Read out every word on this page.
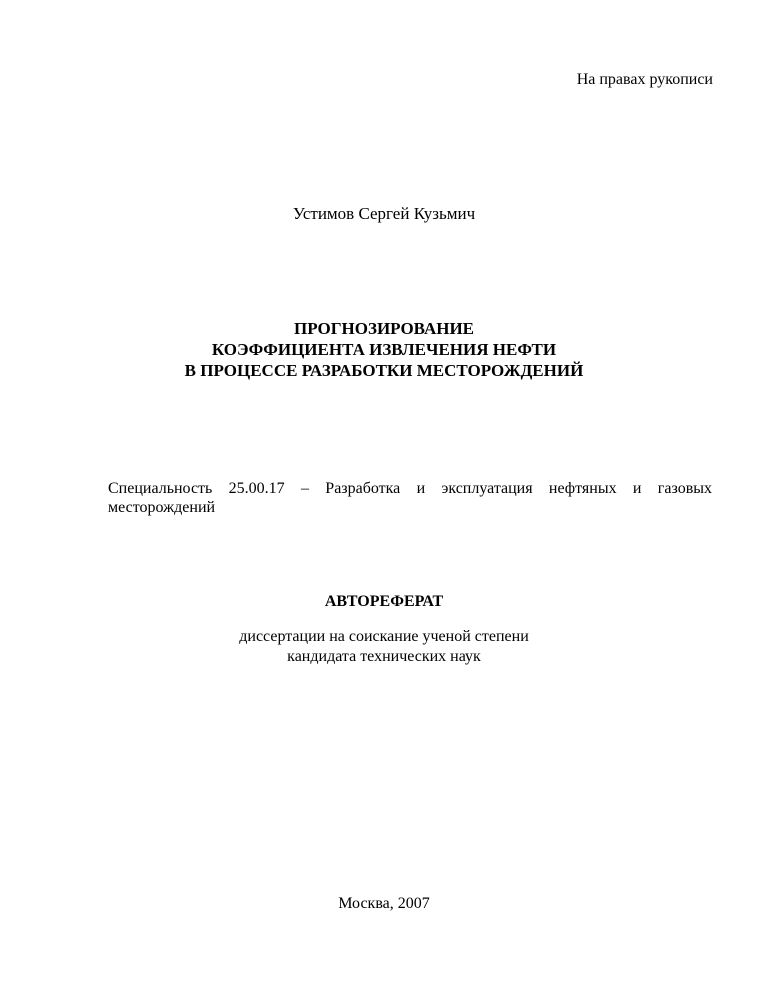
На правах рукописи
Устимов Сергей Кузьмич
ПРОГНОЗИРОВАНИЕ
КОЭФФИЦИЕНТА ИЗВЛЕЧЕНИЯ НЕФТИ
В ПРОЦЕССЕ РАЗРАБОТКИ МЕСТОРОЖДЕНИЙ
Специальность 25.00.17 – Разработка и эксплуатация нефтяных и газовых
месторождений
АВТОРЕФЕРАТ
диссертации на соискание ученой степени
кандидата технических наук
Москва, 2007
